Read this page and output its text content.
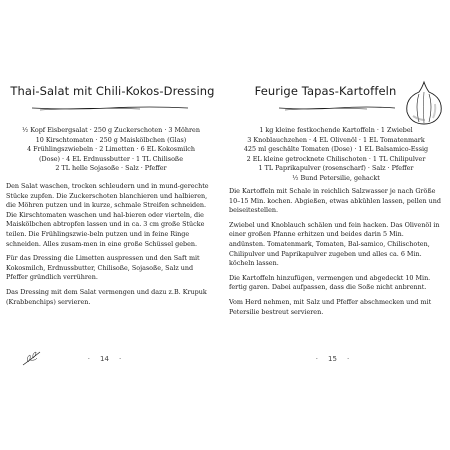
Thai-Salat mit Chili-Kokos-Dressing
½ Kopf Eisbergsalat · 250 g Zuckerschoten · 3 Möhren
10 Kirschtomaten · 250 g Maiskölbchen (Glas)
4 Frühlingszwiebeln · 2 Limetten · 6 EL Kokosmilch
(Dose) · 4 EL Erdnussbutter · 1 TL Chilisoße
2 TL helle Sojasoße · Salz · Pfeffer

Den Salat waschen, trocken schleudern und in mund-gerechte Stücke zupfen. Die Zuckerschoten blanchieren und halbieren, die Möhren putzen und in kurze, schmale Streifen schneiden. Die Kirschtomaten waschen und hal-bieren oder vierteln, die Maiskölbchen abtropfen lassen und in ca. 3 cm große Stücke teilen. Die Frühlingszwie-beln putzen und in feine Ringe schneiden. Alles zusam-men in eine große Schüssel geben.

Für das Dressing die Limetten auspressen und den Saft mit Kokosmilch, Erdnussbutter, Chilisoße, Sojasoße, Salz und Pfeffer gründlich verrühren.

Das Dressing mit dem Salat vermengen und dazu z.B. Krupuk (Krabbenchips) servieren.

· 14 ·
Feurige Tapas-Kartoffeln
1 kg kleine festkochende Kartoffeln · 1 Zwiebel
3 Knoblauchzehen · 4 EL Olivenöl · 1 EL Tomatenmark
425 ml geschälte Tomaten (Dose) · 1 EL Balsamico-Essig
2 EL kleine getrocknete Chilischoten · 1 TL Chilipulver
1 TL Paprikapulver (rosenscharf) · Salz · Pfeffer
½ Bund Petersilie, gehackt

Die Kartoffeln mit Schale in reichlich Salzwasser je nach Größe 10–15 Min. kochen. Abgießen, etwas abkühlen lassen, pellen und beiseitestellen.

Zwiebel und Knoblauch schälen und fein hacken. Das Olivenöl in einer großen Pfanne erhitzen und beides darin 5 Min. andünsten. Tomatenmark, Tomaten, Bal-samico, Chilischoten, Chilipulver und Paprikapulver zugeben und alles ca. 6 Min. köcheln lassen.

Die Kartoffeln hinzufügen, vermengen und abgedeckt 10 Min. fertig garen. Dabei aufpassen, dass die Soße nicht anbrennt.

Vom Herd nehmen, mit Salz und Pfeffer abschmecken und mit Petersilie bestreut servieren.

· 15 ·
